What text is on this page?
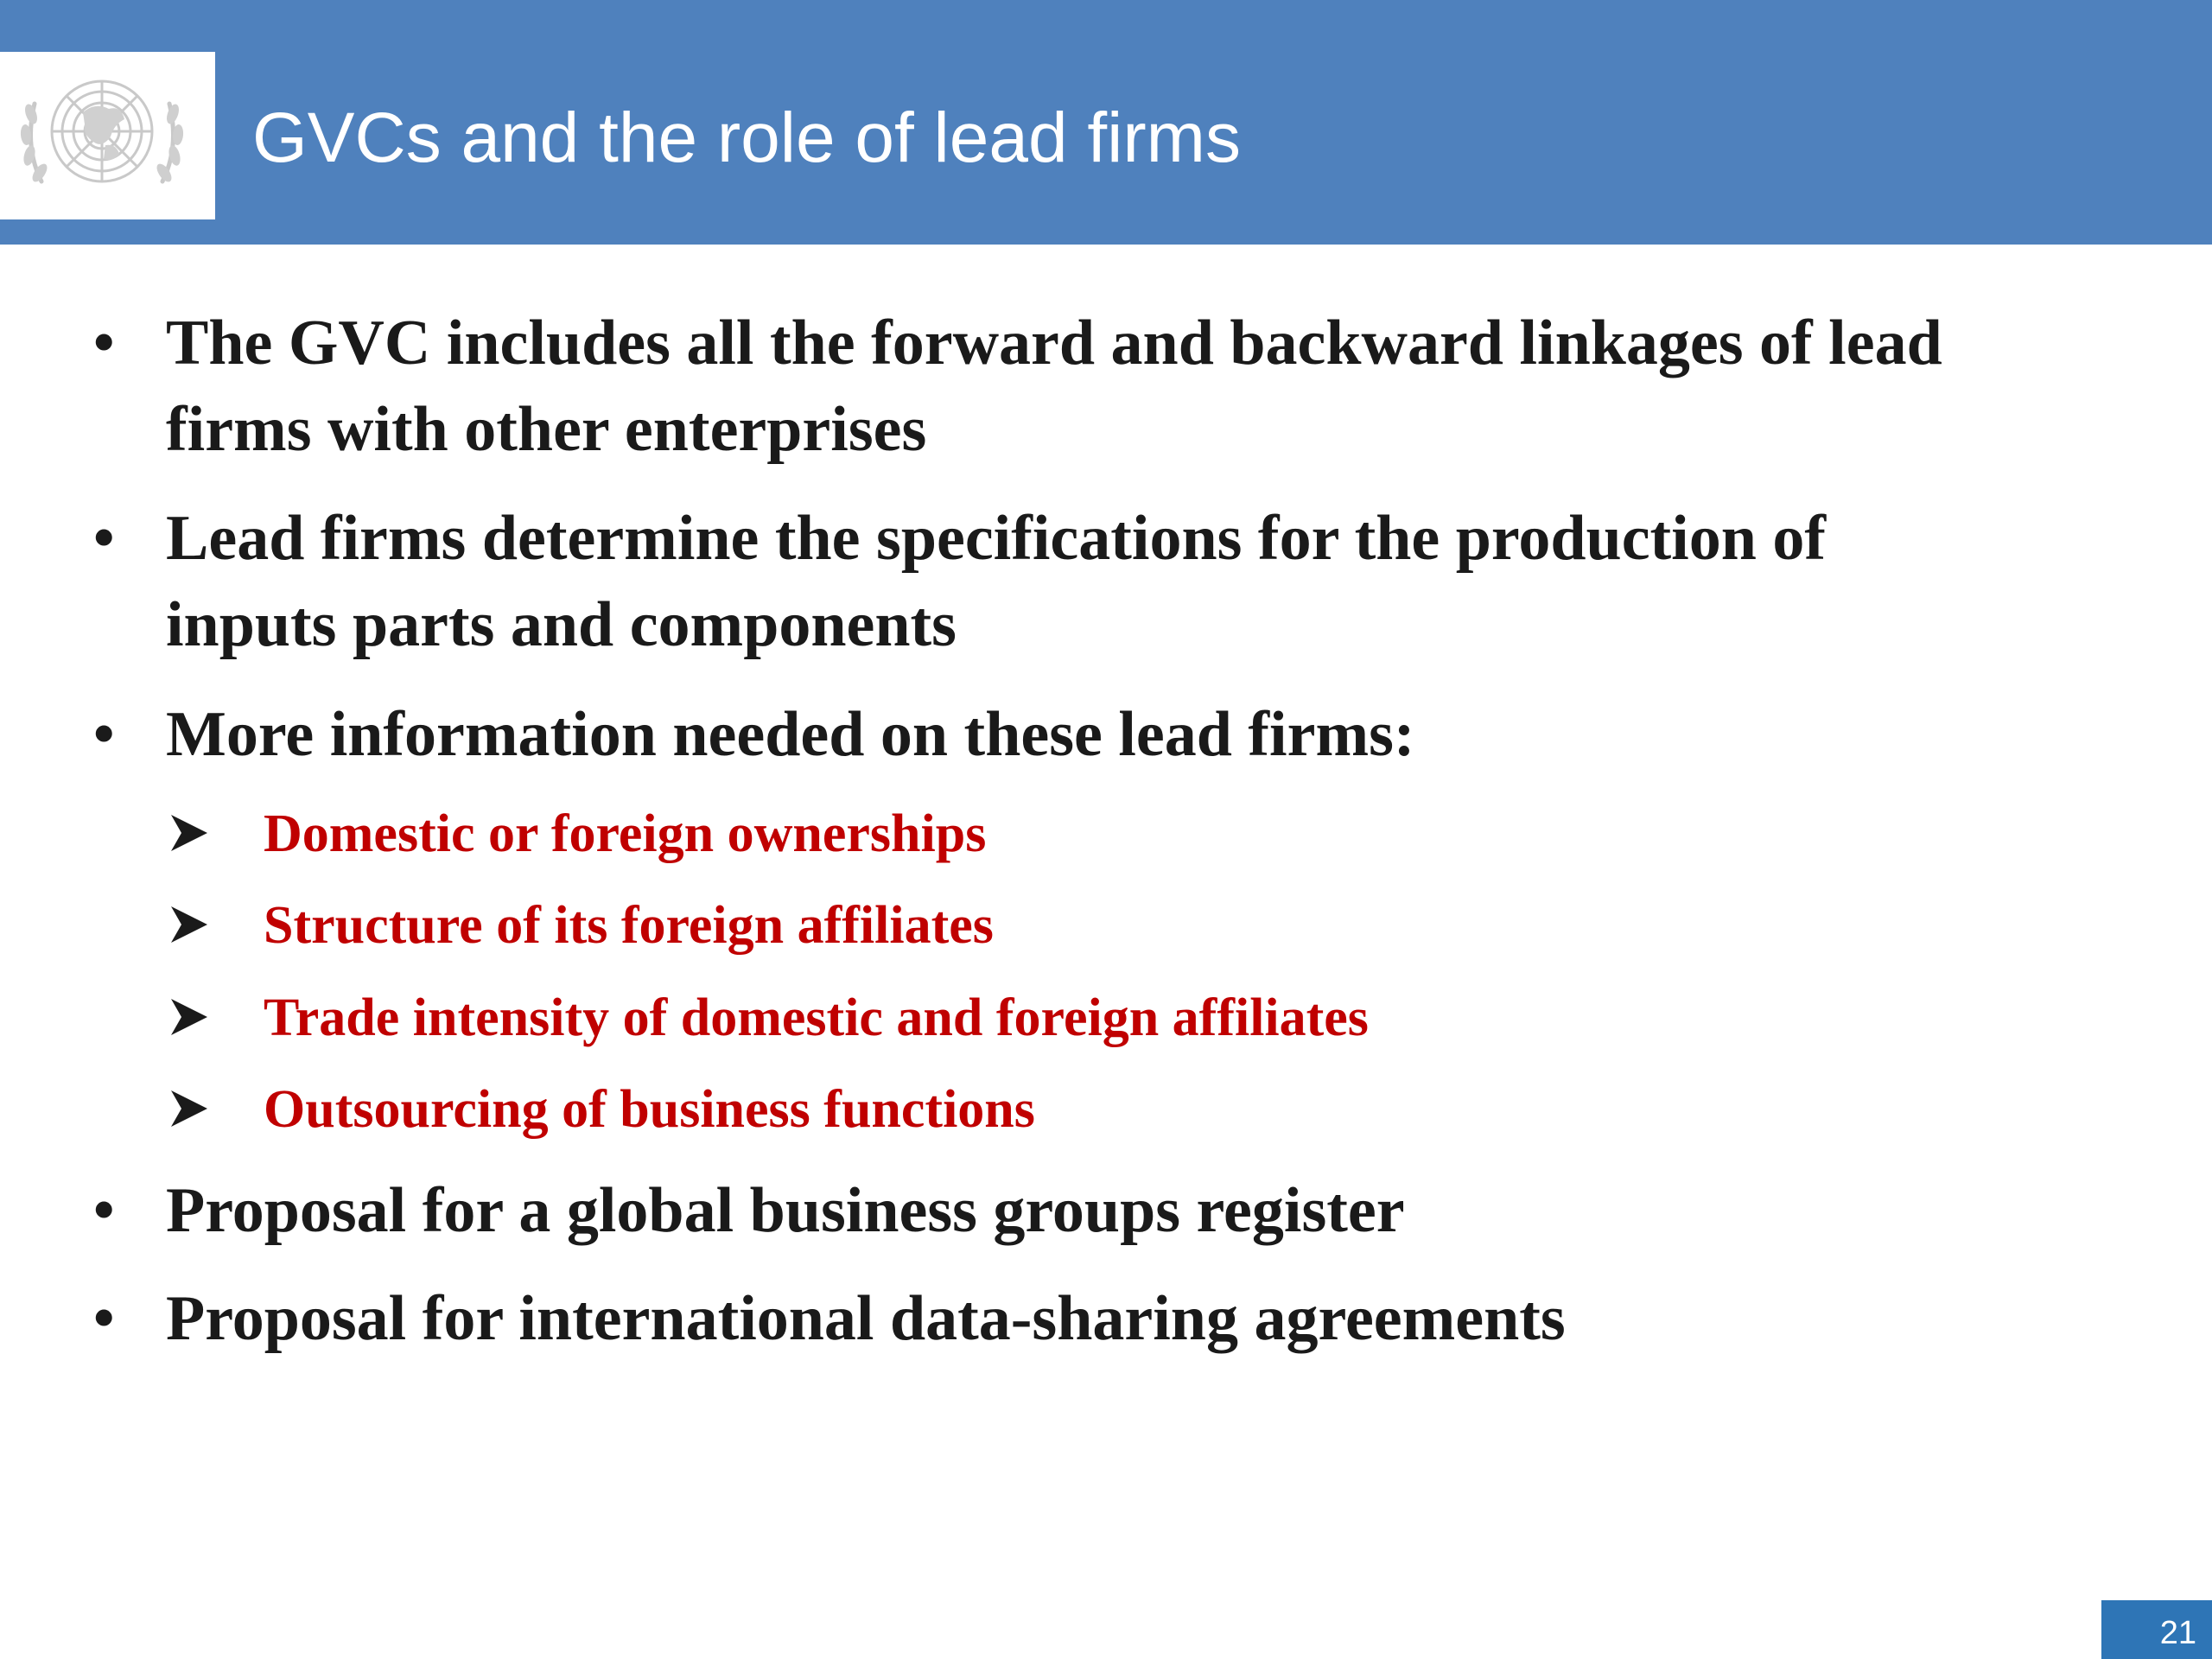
GVCs and the role of lead firms
• The GVC includes all the forward and backward linkages of lead
firms with other enterprises
• Lead firms determine the specifications for the production of
inputs parts and components
• More information needed on these lead firms:
Domestic or foreign ownerships
Structure of its foreign affiliates
Trade intensity of domestic and foreign affiliates
Outsourcing of business functions
• Proposal for a global business groups register
• Proposal for international data-sharing agreements
21
